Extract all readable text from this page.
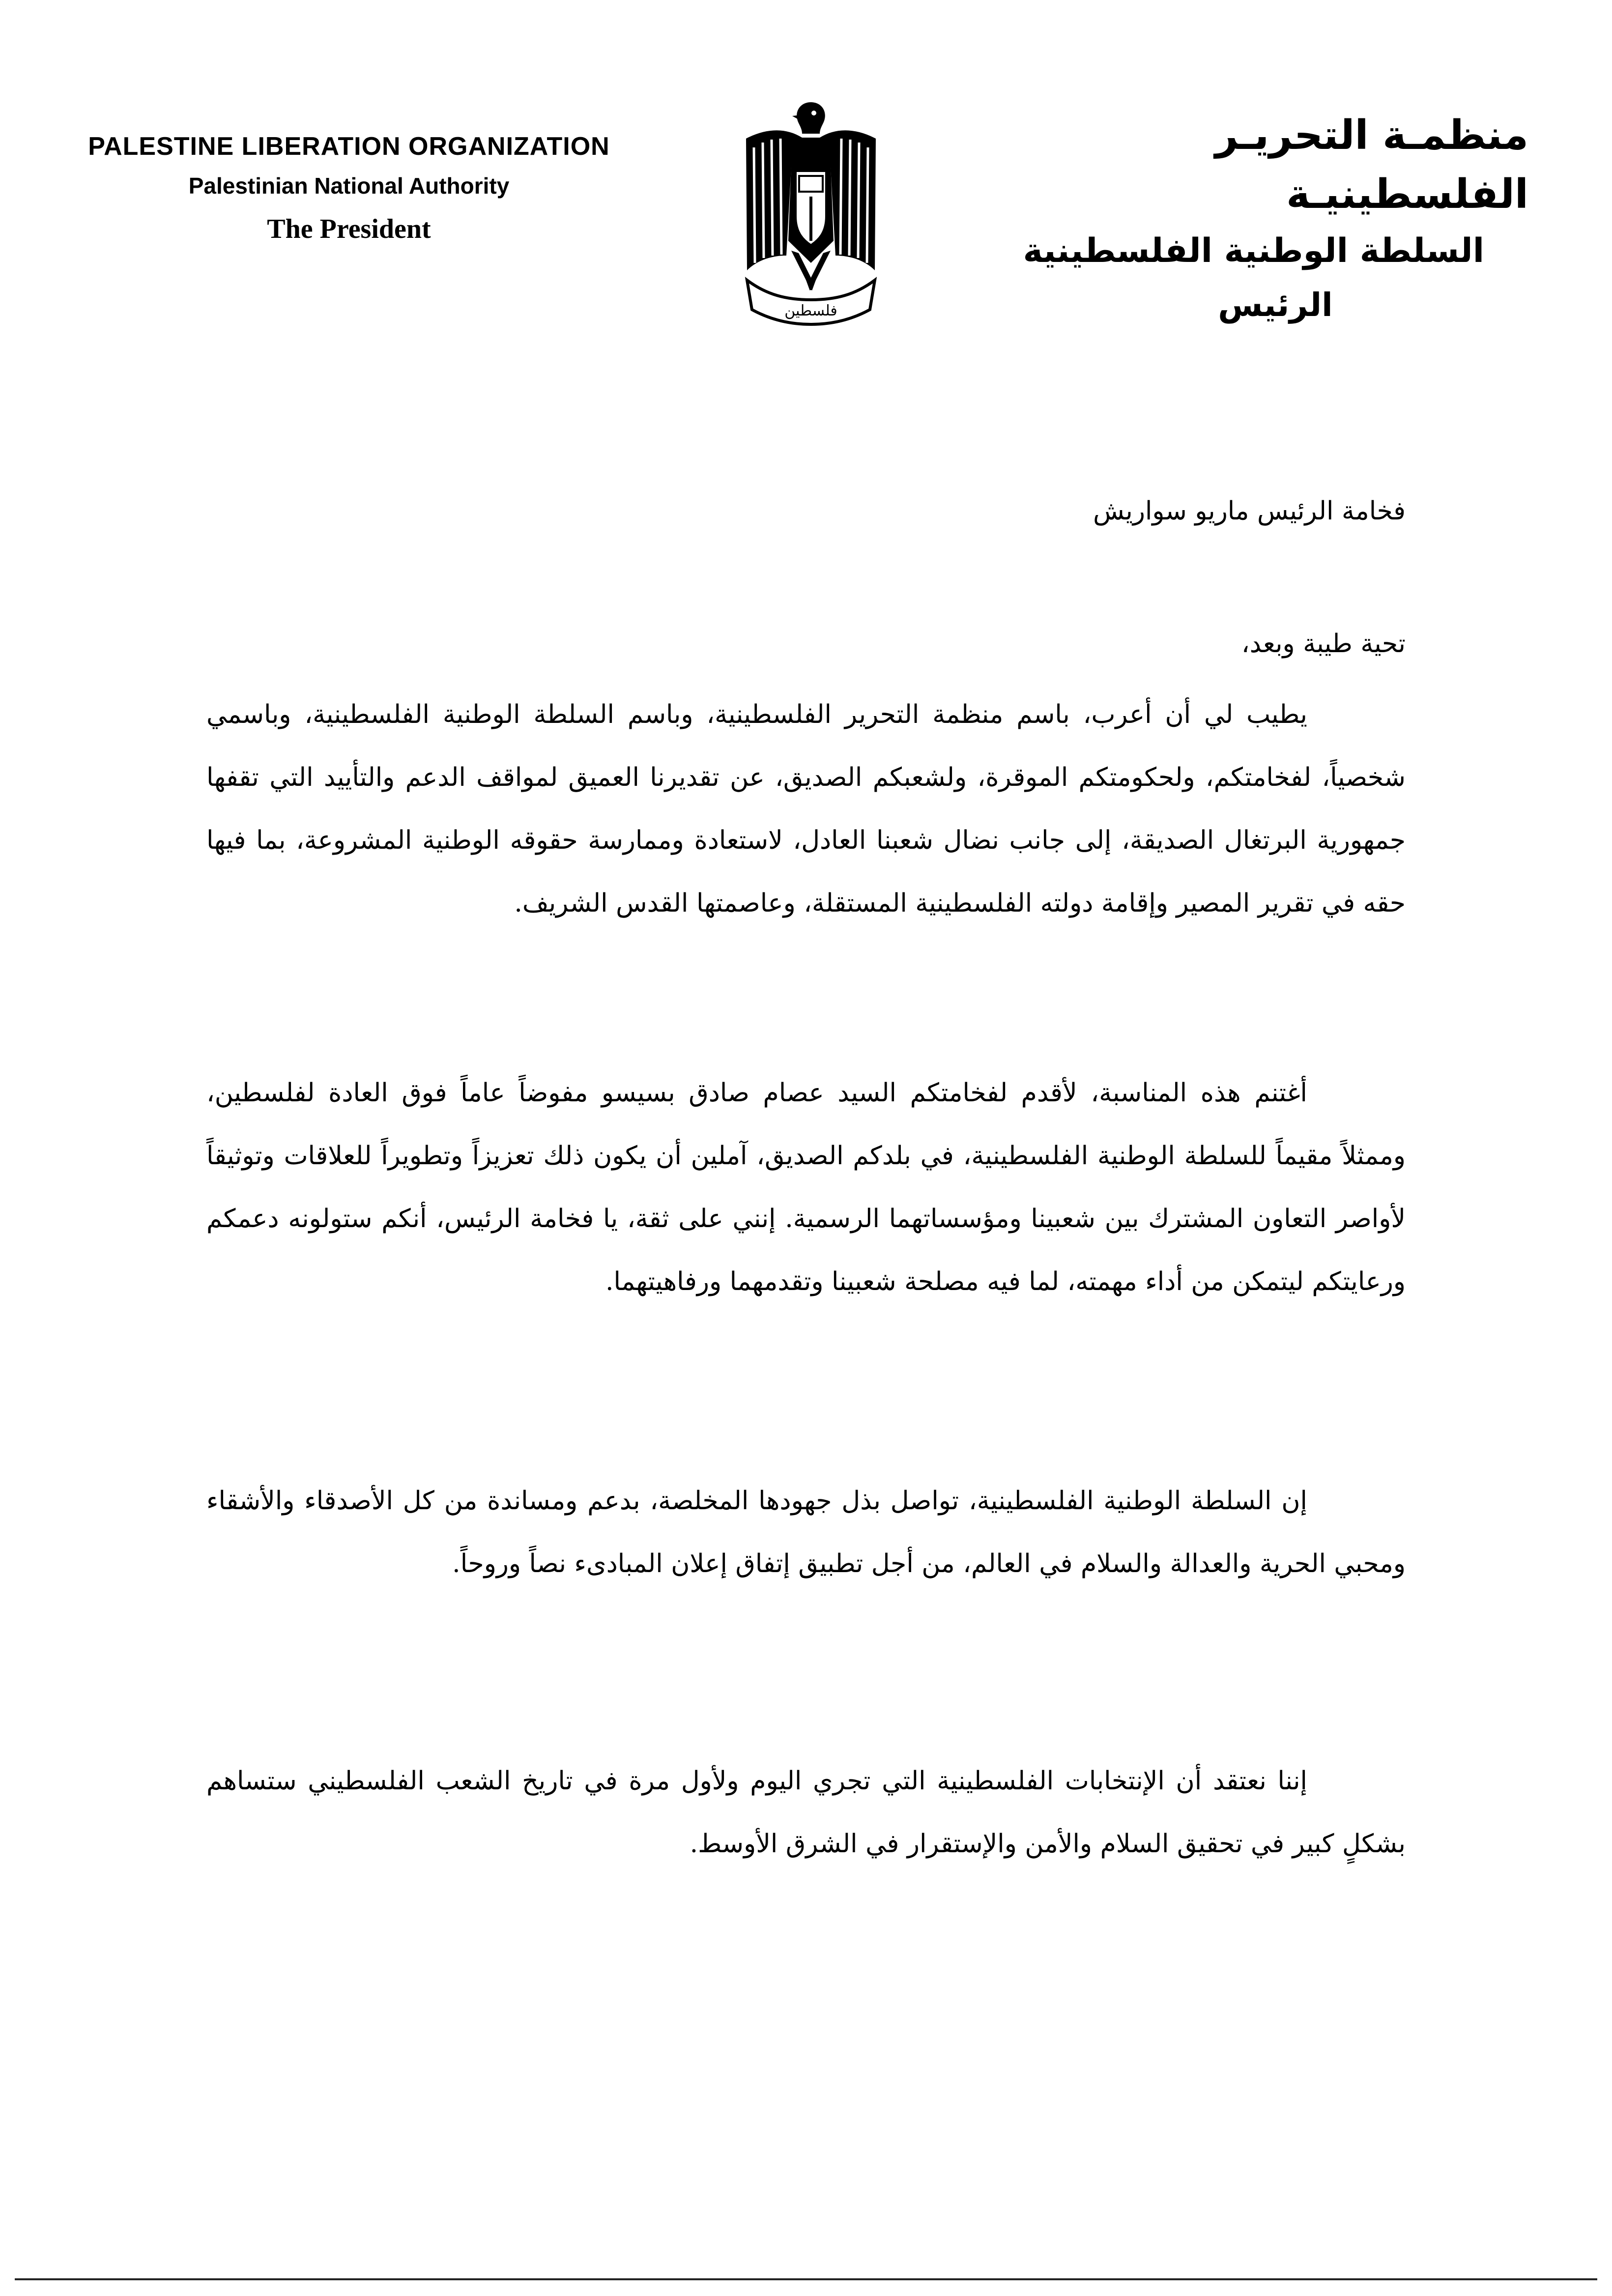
PALESTINE LIBERATION ORGANIZATION
Palestinian National Authority
The President
فلسطين
منظمـة التحريـر الفلسطينيـة
السلطة الوطنية الفلسطينية
الرئيس
فخامة الرئيس ماريو سواريش
تحية طيبة وبعد،
يطيب لي أن أعرب، باسم منظمة التحرير الفلسطينية، وباسم السلطة الوطنية الفلسطينية، وباسمي شخصياً، لفخامتكم، ولحكومتكم الموقرة، ولشعبكم الصديق، عن تقديرنا العميق لمواقف الدعم والتأييد التي تقفها جمهورية البرتغال الصديقة، إلى جانب نضال شعبنا العادل، لاستعادة وممارسة حقوقه الوطنية المشروعة، بما فيها حقه في تقرير المصير وإقامة دولته الفلسطينية المستقلة، وعاصمتها القدس الشريف.
أغتنم هذه المناسبة، لأقدم لفخامتكم السيد عصام صادق بسيسو مفوضاً عاماً فوق العادة لفلسطين، وممثلاً مقيماً للسلطة الوطنية الفلسطينية، في بلدكم الصديق، آملين أن يكون ذلك تعزيزاً وتطويراً للعلاقات وتوثيقاً لأواصر التعاون المشترك بين شعبينا ومؤسساتهما الرسمية. إنني على ثقة، يا فخامة الرئيس، أنكم ستولونه دعمكم ورعايتكم ليتمكن من أداء مهمته، لما فيه مصلحة شعبينا وتقدمهما ورفاهيتهما.
إن السلطة الوطنية الفلسطينية، تواصل بذل جهودها المخلصة، بدعم ومساندة من كل الأصدقاء والأشقاء ومحبي الحرية والعدالة والسلام في العالم، من أجل تطبيق إتفاق إعلان المبادىء نصاً وروحاً.
إننا نعتقد أن الإنتخابات الفلسطينية التي تجري اليوم ولأول مرة في تاريخ الشعب الفلسطيني ستساهم بشكلٍ كبير في تحقيق السلام والأمن والإستقرار في الشرق الأوسط.
